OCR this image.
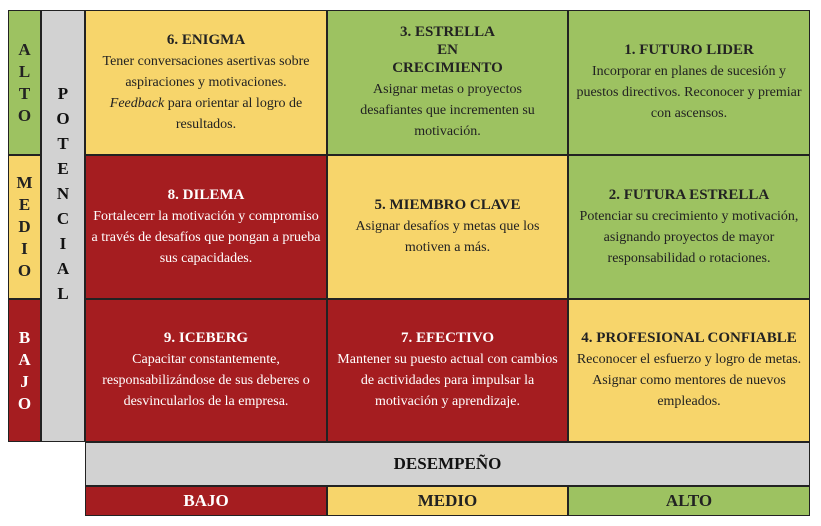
A
L
T
O
M
E
D
I
O
B
A
J
O
P
O
T
E
N
C
I
A
L
6. ENIGMA
Tener conversaciones asertivas sobre aspiraciones y motivaciones.
Feedback para orientar al logro de resultados.
3. ESTRELLA EN CRECIMIENTO
Asignar metas o proyectos desafiantes que incrementen su motivación.
1. FUTURO LIDER
Incorporar en planes de sucesión y puestos directivos. Reconocer y premiar con ascensos.
8. DILEMA
Fortalecerr la motivación y compromiso a través de desafíos que pongan a prueba sus capacidades.
5. MIEMBRO CLAVE
Asignar desafíos y metas que los motiven a más.
2. FUTURA ESTRELLA
Potenciar su crecimiento y motivación, asignando proyectos de mayor responsabilidad o rotaciones.
9. ICEBERG
Capacitar constantemente, responsabilizándose de sus deberes o desvincularlos de la empresa.
7. EFECTIVO
Mantener su puesto actual con cambios de actividades para impulsar la motivación y aprendizaje.
4. PROFESIONAL CONFIABLE
Reconocer el esfuerzo y logro de metas. Asignar como mentores de nuevos empleados.
DESEMPEÑO
BAJO	MEDIO	ALTO
